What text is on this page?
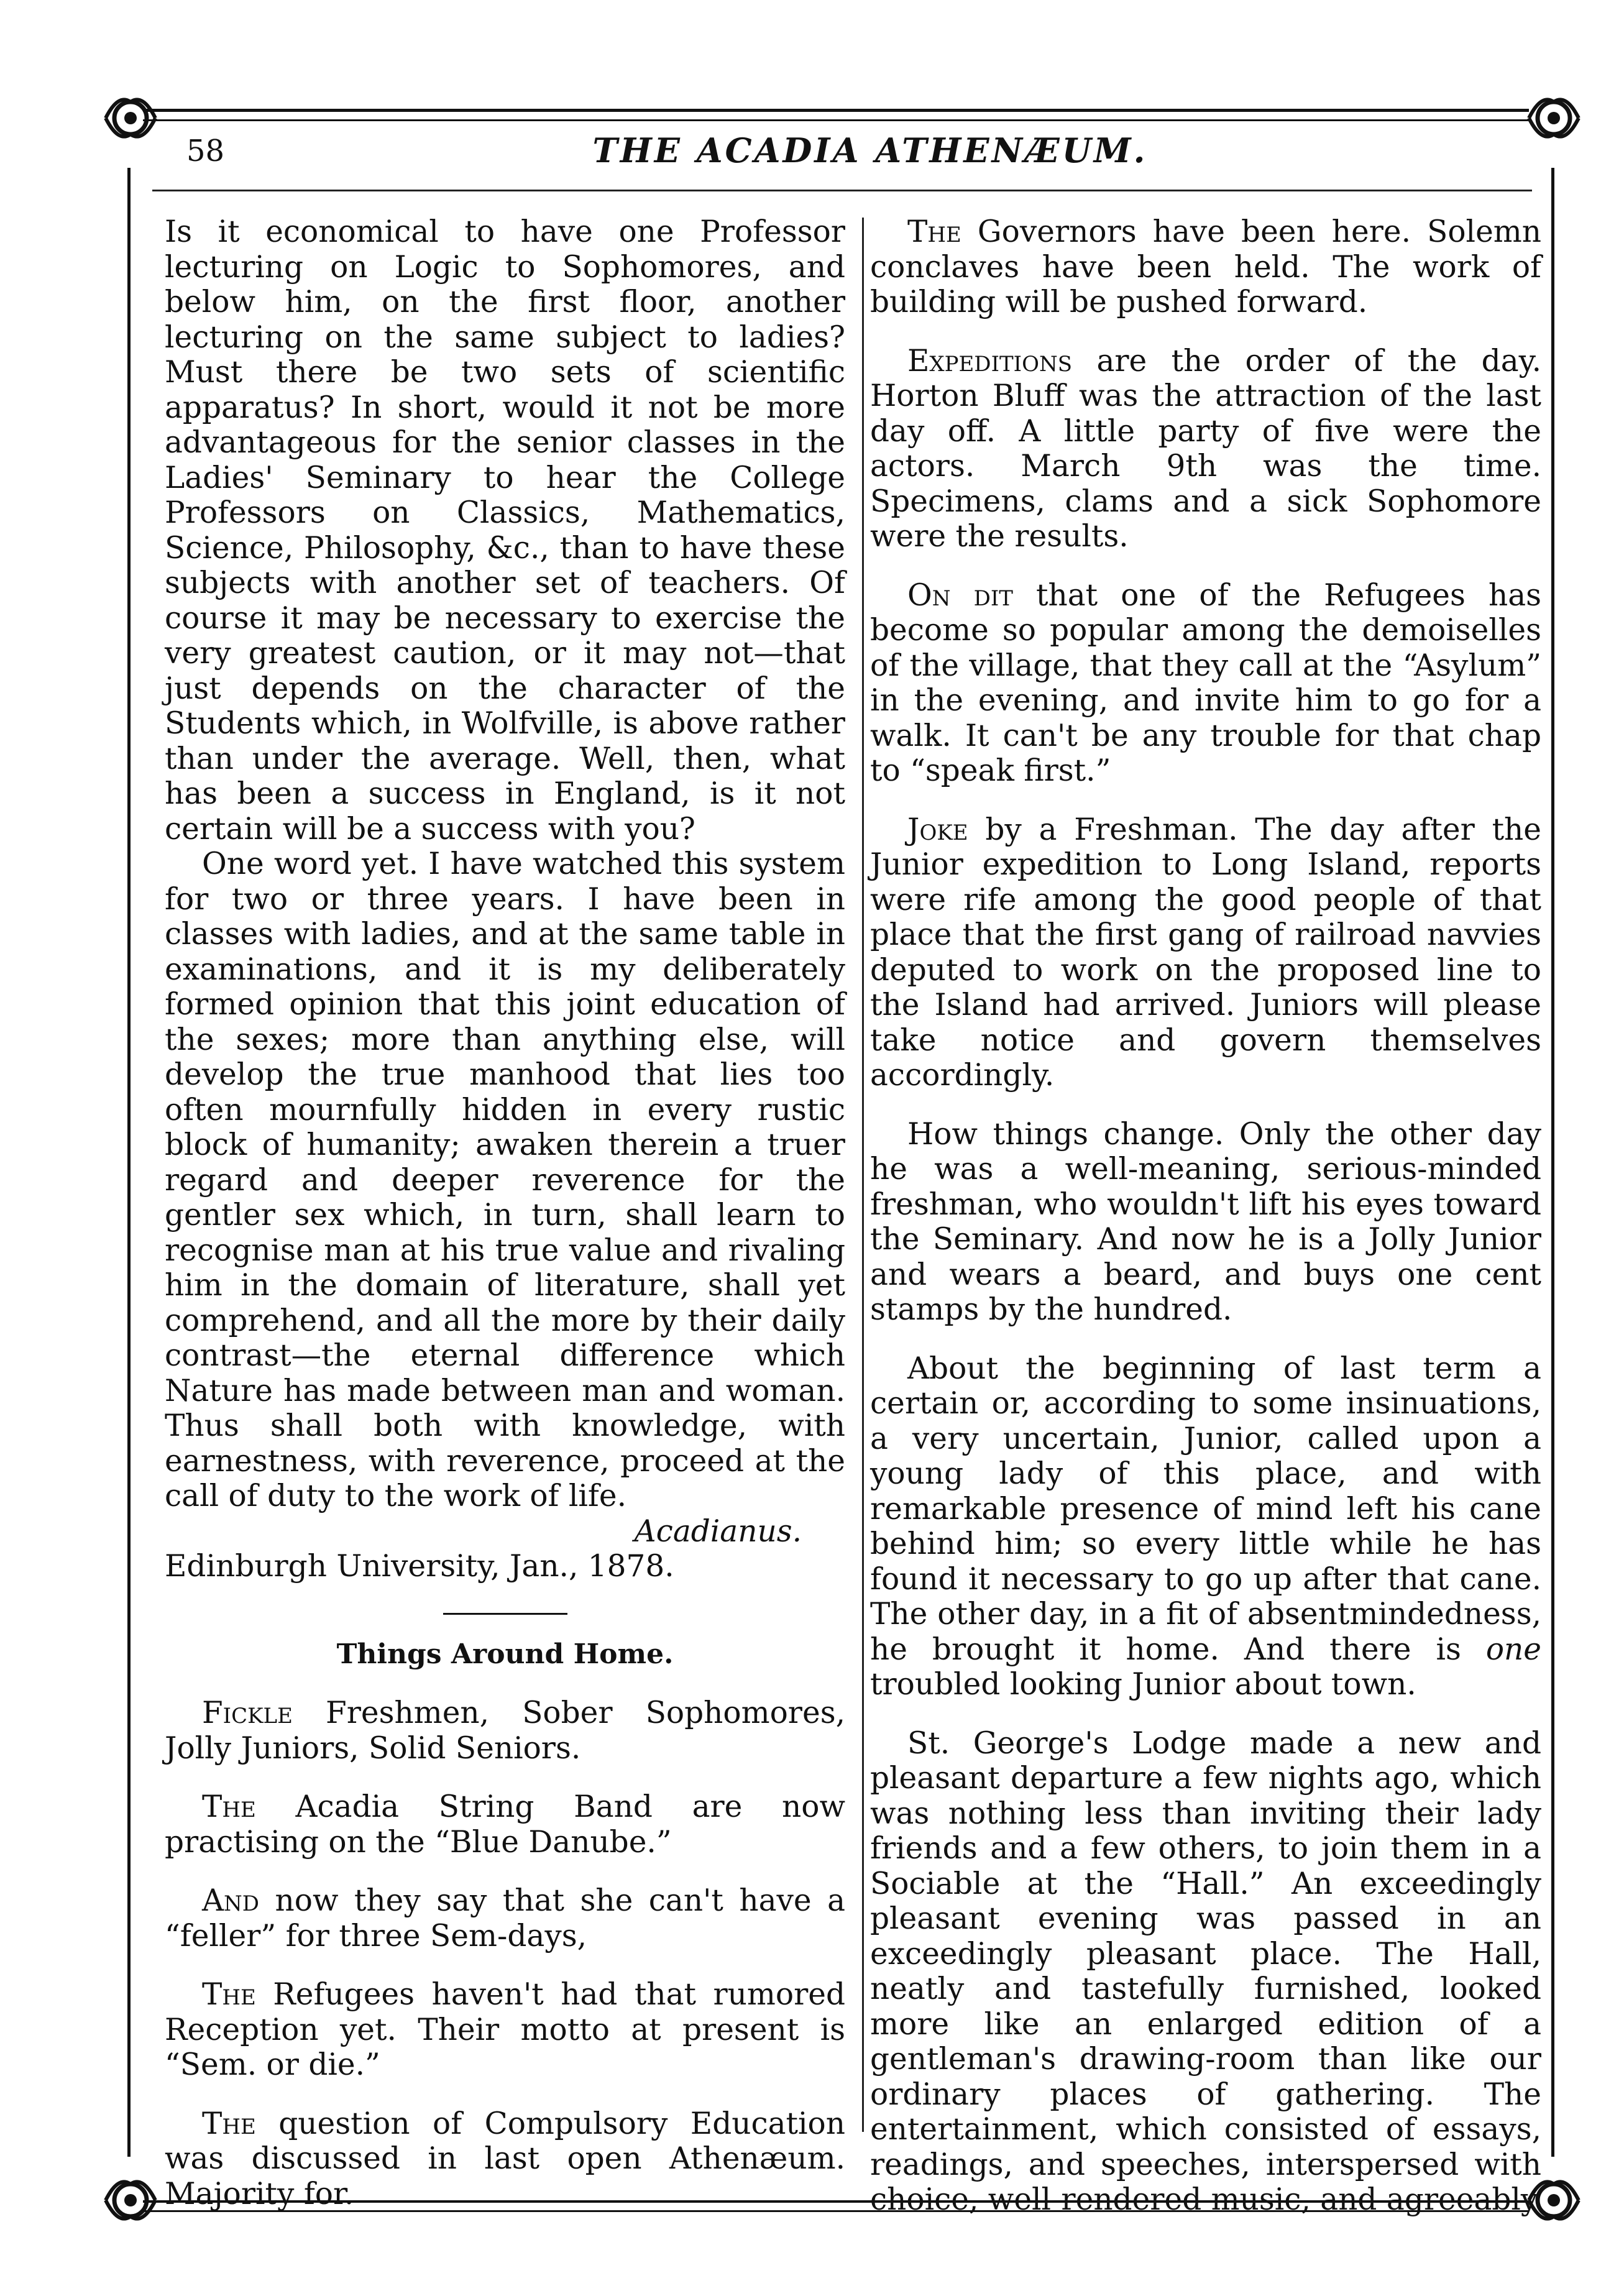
58	THE ACADIA ATHENÆUM.

Is it economical to have one Professor lecturing on Logic to Sophomores, and below him, on the first floor, another lecturing on the same subject to ladies? Must there be two sets of scientific apparatus? In short, would it not be more advantageous for the senior classes in the Ladies' Seminary to hear the College Professors on Classics, Mathematics, Science, Philosophy, &c., than to have these subjects with another set of teachers. Of course it may be necessary to exercise the very greatest caution, or it may not—that just depends on the character of the Students which, in Wolfville, is above rather than under the average. Well, then, what has been a success in England, is it not certain will be a success with you?

One word yet. I have watched this system for two or three years. I have been in classes with ladies, and at the same table in examinations, and it is my deliberately formed opinion that this joint education of the sexes; more than anything else, will develop the true manhood that lies too often mournfully hidden in every rustic block of humanity; awaken therein a truer regard and deeper reverence for the gentler sex which, in turn, shall learn to recognise man at his true value and rivaling him in the domain of literature, shall yet comprehend, and all the more by their daily contrast—the eternal difference which Nature has made between man and woman. Thus shall both with knowledge, with earnestness, with reverence, proceed at the call of duty to the work of life.

Acadianus.

Edinburgh University, Jan., 1878.

Things Around Home.

Fickle Freshmen, Sober Sophomores, Jolly Juniors, Solid Seniors.

The Acadia String Band are now practising on the “Blue Danube.”

And now they say that she can't have a “feller” for three Sem-days,

The Refugees haven't had that rumored Reception yet. Their motto at present is “Sem. or die.”

The question of Compulsory Education was discussed in last open Athenæum. Majority for.

The Governors have been here. Solemn conclaves have been held. The work of building will be pushed forward.

Expeditions are the order of the day. Horton Bluff was the attraction of the last day off. A little party of five were the actors. March 9th was the time. Specimens, clams and a sick Sophomore were the results.

On dit that one of the Refugees has become so popular among the demoiselles of the village, that they call at the “Asylum” in the evening, and invite him to go for a walk. It can't be any trouble for that chap to “speak first.”

Joke by a Freshman. The day after the Junior expedition to Long Island, reports were rife among the good people of that place that the first gang of railroad navvies deputed to work on the proposed line to the Island had arrived. Juniors will please take notice and govern themselves accordingly.

How things change. Only the other day he was a well-meaning, serious-minded freshman, who wouldn't lift his eyes toward the Seminary. And now he is a Jolly Junior and wears a beard, and buys one cent stamps by the hundred.

About the beginning of last term a certain or, according to some insinuations, a very uncertain, Junior, called upon a young lady of this place, and with remarkable presence of mind left his cane behind him; so every little while he has found it necessary to go up after that cane. The other day, in a fit of absentmindedness, he brought it home. And there is one troubled looking Junior about town.

St. George's Lodge made a new and pleasant departure a few nights ago, which was nothing less than inviting their lady friends and a few others, to join them in a Sociable at the “Hall.” An exceedingly pleasant evening was passed in an exceedingly pleasant place. The Hall, neatly and tastefully furnished, looked more like an enlarged edition of a gentleman's drawing-room than like our ordinary places of gathering. The entertainment, which consisted of essays, readings, and speeches, interspersed with choice, well-rendered music, and agreeably
